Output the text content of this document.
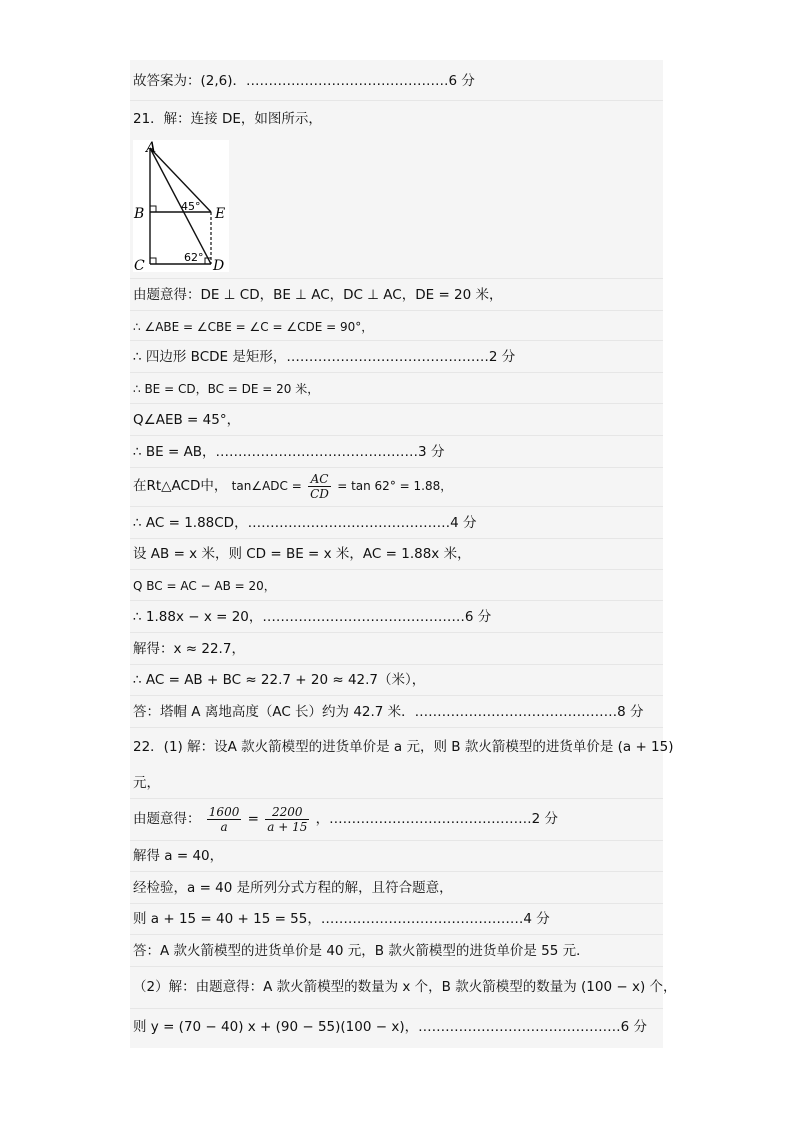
故答案为：(2,6)．………………………………………6 分
21．解：连接 DE，如图所示，
A
B
C	D
E
45°
62°
由题意得：DE ⊥ CD，BE ⊥ AC，DC ⊥ AC，DE = 20 米，
∴ ∠ABE = ∠CBE = ∠C = ∠CDE = 90°，
∴ 四边形 BCDE 是矩形，………………………………………2 分
∴ BE = CD，BC = DE = 20 米，
Q∠AEB = 45°，
∴ BE = AB，………………………………………3 分
在Rt△ACD中， tan∠ADC = $\frac{AC}{CD} = \tan 62^\circ = 1.88$，
∴ AC = 1.88CD，………………………………………4 分
设 AB = x 米，则 CD = BE = x 米，AC = 1.88x 米，
Q BC = AC − AB = 20，
∴ 1.88x − x = 20，………………………………………6 分
解得：x ≈ 22.7，
∴ AC = AB + BC ≈ 22.7 + 20 ≈ 42.7（米），
答：塔帽 A 离地高度（AC 长）约为 42.7 米．………………………………………8 分
22．(1) 解：设A 款火箭模型的进货单价是 a 元，则 B 款火箭模型的进货单价是 (a + 15)
元，
由题意得： $\frac{1600}{a} = \frac{2200}{a + 15}$ ，………………………………………2 分
解得 a = 40，
经检验，a = 40 是所列分式方程的解，且符合题意，
则 a + 15 = 40 + 15 = 55，………………………………………4 分
答：A 款火箭模型的进货单价是 40 元，B 款火箭模型的进货单价是 55 元．
（2）解：由题意得：A 款火箭模型的数量为 x 个，B 款火箭模型的数量为 (100 − x) 个，
则 y = (70 − 40) x + (90 − 55)(100 − x)，………………………………………6 分
